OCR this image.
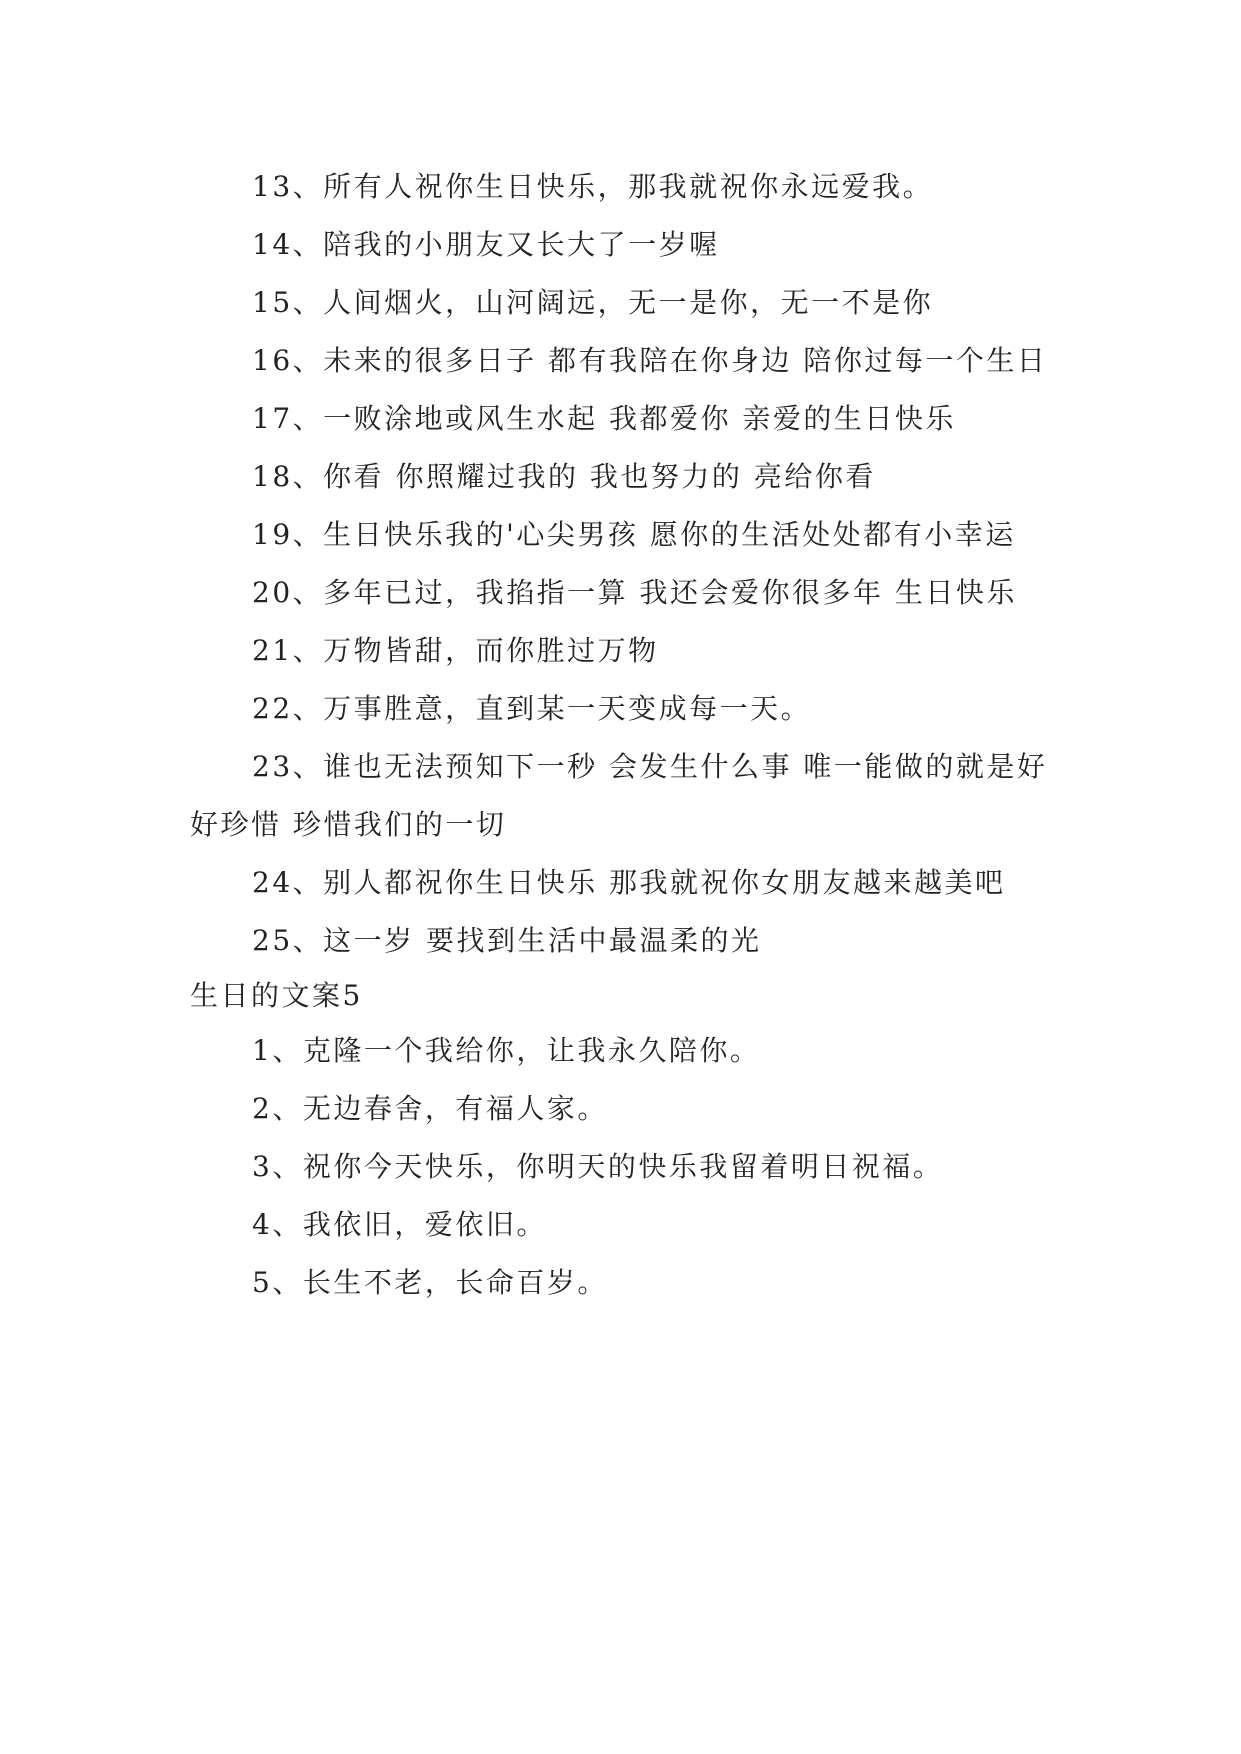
13、所有人祝你生日快乐，那我就祝你永远爱我。

14、陪我的小朋友又长大了一岁喔

15、人间烟火，山河阔远，无一是你，无一不是你

16、未来的很多日子 都有我陪在你身边 陪你过每一个生日

17、一败涂地或风生水起 我都爱你 亲爱的生日快乐

18、你看 你照耀过我的 我也努力的 亮给你看

19、生日快乐我的'心尖男孩 愿你的生活处处都有小幸运

20、多年已过，我掐指一算 我还会爱你很多年 生日快乐

21、万物皆甜，而你胜过万物

22、万事胜意，直到某一天变成每一天。

23、谁也无法预知下一秒 会发生什么事 唯一能做的就是好好珍惜 珍惜我们的一切

24、别人都祝你生日快乐 那我就祝你女朋友越来越美吧

25、这一岁 要找到生活中最温柔的光

生日的文案5

1、克隆一个我给你，让我永久陪你。

2、无边春舍，有福人家。

3、祝你今天快乐，你明天的快乐我留着明日祝福。

4、我依旧，爱依旧。

5、长生不老，长命百岁。
